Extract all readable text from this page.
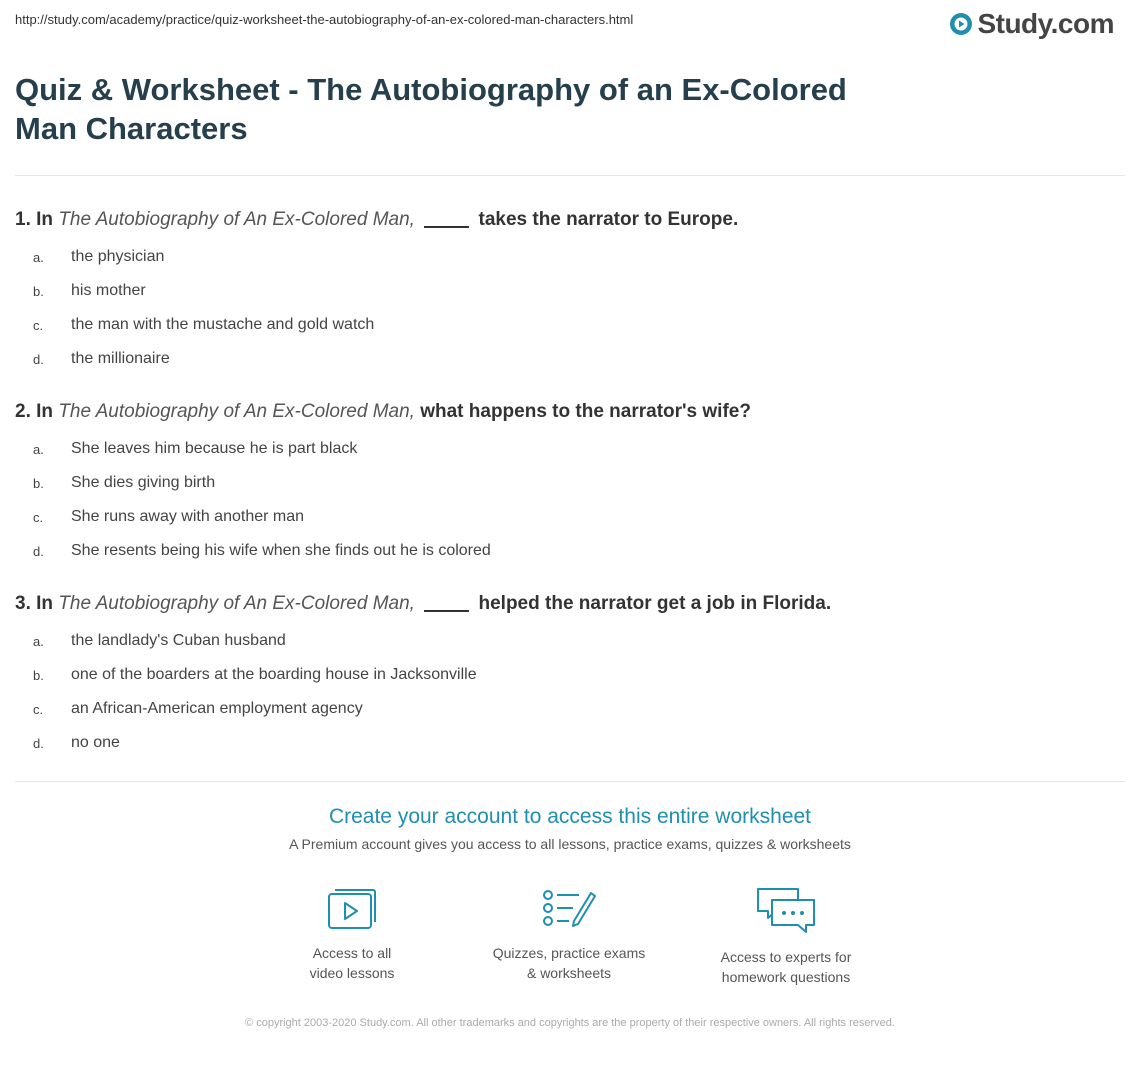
http://study.com/academy/practice/quiz-worksheet-the-autobiography-of-an-ex-colored-man-characters.html	Study.com
Quiz & Worksheet - The Autobiography of an Ex-Colored Man Characters

1. In The Autobiography of An Ex-Colored Man,	takes the narrator to Europe.

a.	the physician
b.	his mother
c.	the man with the mustache and gold watch
d.	the millionaire

2. In The Autobiography of An Ex-Colored Man, what happens to the narrator's wife?

a.	She leaves him because he is part black
b.	She dies giving birth
c.	She runs away with another man
d.	She resents being his wife when she finds out he is colored

3. In The Autobiography of An Ex-Colored Man,	helped the narrator get a job in Florida.

a.	the landlady's Cuban husband
b.	one of the boarders at the boarding house in Jacksonville
c.	an African-American employment agency
d.	no one
Create your account to access this entire worksheet
A Premium account gives you access to all lessons, practice exams, quizzes & worksheets
Access to all
video lessons
Quizzes, practice exams
& worksheets
Access to experts for
homework questions
© copyright 2003-2020 Study.com. All other trademarks and copyrights are the property of their respective owners. All rights reserved.
